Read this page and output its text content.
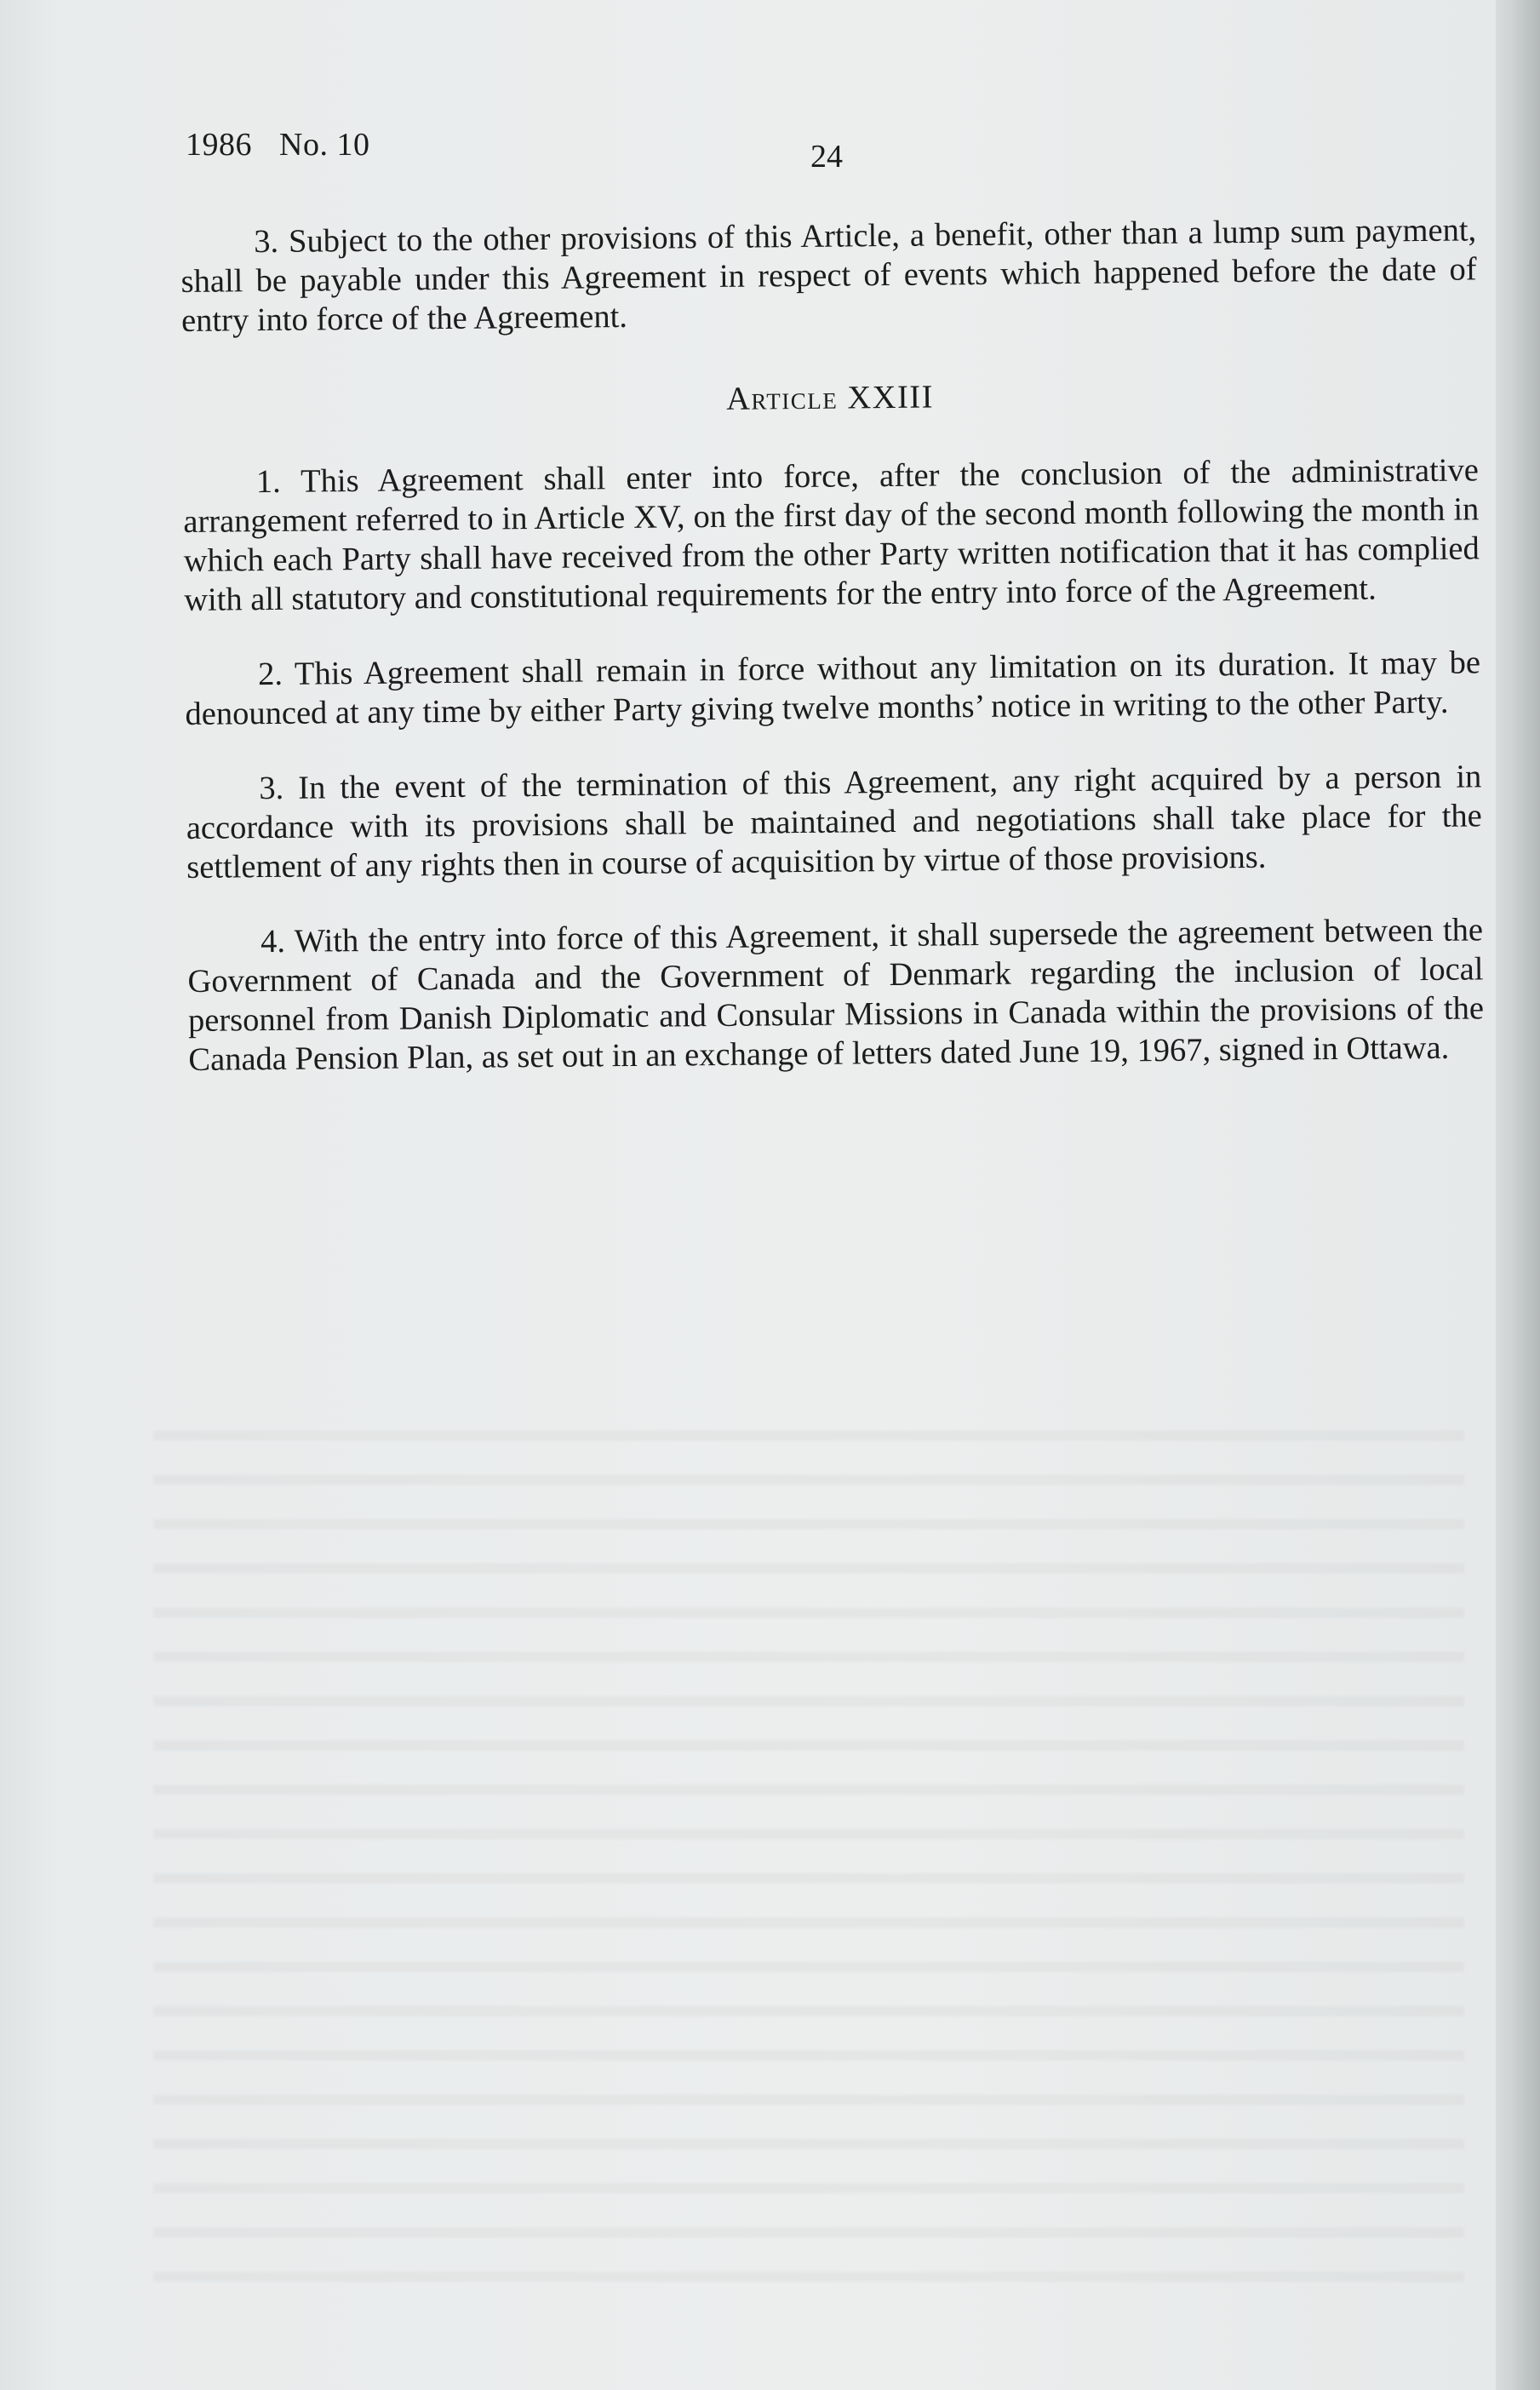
1986 No. 10	24

3. Subject to the other provisions of this Article, a benefit, other than a lump sum payment, shall be payable under this Agreement in respect of events which happened before the date of entry into force of the Agreement.

Article XXIII

1. This Agreement shall enter into force, after the conclusion of the administrative arrangement referred to in Article XV, on the first day of the second month following the month in which each Party shall have received from the other Party written notification that it has complied with all statutory and constitutional requirements for the entry into force of the Agreement.

2. This Agreement shall remain in force without any limitation on its duration. It may be denounced at any time by either Party giving twelve months’ notice in writing to the other Party.

3. In the event of the termination of this Agreement, any right acquired by a person in accordance with its provisions shall be maintained and negotiations shall take place for the settlement of any rights then in course of acquisition by virtue of those provisions.

4. With the entry into force of this Agreement, it shall supersede the agreement between the Government of Canada and the Government of Denmark regarding the inclusion of local personnel from Danish Diplomatic and Consular Missions in Canada within the provisions of the Canada Pension Plan, as set out in an exchange of letters dated June 19, 1967, signed in Ottawa.
